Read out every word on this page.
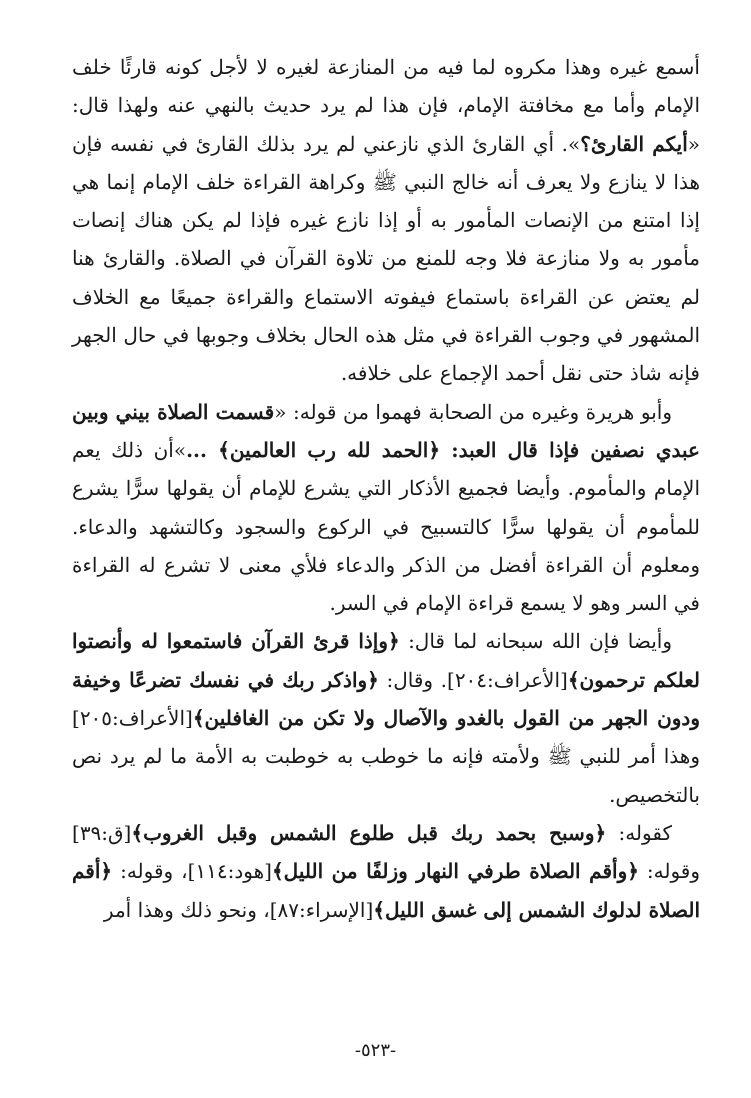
أسمع غيره وهذا مكروه لما فيه من المنازعة لغيره لا لأجل كونه قارئًا خلف الإمام وأما مع مخافتة الإمام، فإن هذا لم يرد حديث بالنهي عنه ولهذا قال: «أيكم القارئ؟». أي القارئ الذي نازعني لم يرد بذلك القارئ في نفسه فإن هذا لا ينازع ولا يعرف أنه خالج النبي ﷺ وكراهة القراءة خلف الإمام إنما هي إذا امتنع من الإنصات المأمور به أو إذا نازع غيره فإذا لم يكن هناك إنصات مأمور به ولا منازعة فلا وجه للمنع من تلاوة القرآن في الصلاة. والقارئ هنا لم يعتض عن القراءة باستماع فيفوته الاستماع والقراءة جميعًا مع الخلاف المشهور في وجوب القراءة في مثل هذه الحال بخلاف وجوبها في حال الجهر فإنه شاذ حتى نقل أحمد الإجماع على خلافه.

وأبو هريرة وغيره من الصحابة فهموا من قوله: «قسمت الصلاة بيني وبين عبدي نصفين فإذا قال العبد: ﴿الحمد لله رب العالمين﴾ ...»أن ذلك يعم الإمام والمأموم. وأيضا فجميع الأذكار التي يشرع للإمام أن يقولها سرًّا يشرع للمأموم أن يقولها سرًّا كالتسبيح في الركوع والسجود وكالتشهد والدعاء. ومعلوم أن القراءة أفضل من الذكر والدعاء فلأي معنى لا تشرع له القراءة في السر وهو لا يسمع قراءة الإمام في السر.

وأيضا فإن الله سبحانه لما قال: ﴿وإذا قرئ القرآن فاستمعوا له وأنصتوا لعلكم ترحمون﴾[الأعراف:٢٠٤]. وقال: ﴿واذكر ربك في نفسك تضرعًا وخيفة ودون الجهر من القول بالغدو والآصال ولا تكن من الغافلين﴾[الأعراف:٢٠٥] وهذا أمر للنبي ﷺ ولأمته فإنه ما خوطب به خوطبت به الأمة ما لم يرد نص بالتخصيص.

كقوله: ﴿وسبح بحمد ربك قبل طلوع الشمس وقبل الغروب﴾[ق:٣٩] وقوله: ﴿وأقم الصلاة طرفي النهار وزلفًا من الليل﴾[هود:١١٤]، وقوله: ﴿أقم الصلاة لدلوك الشمس إلى غسق الليل﴾[الإسراء:٨٧]، ونحو ذلك وهذا أمر

-٥٢٣-
